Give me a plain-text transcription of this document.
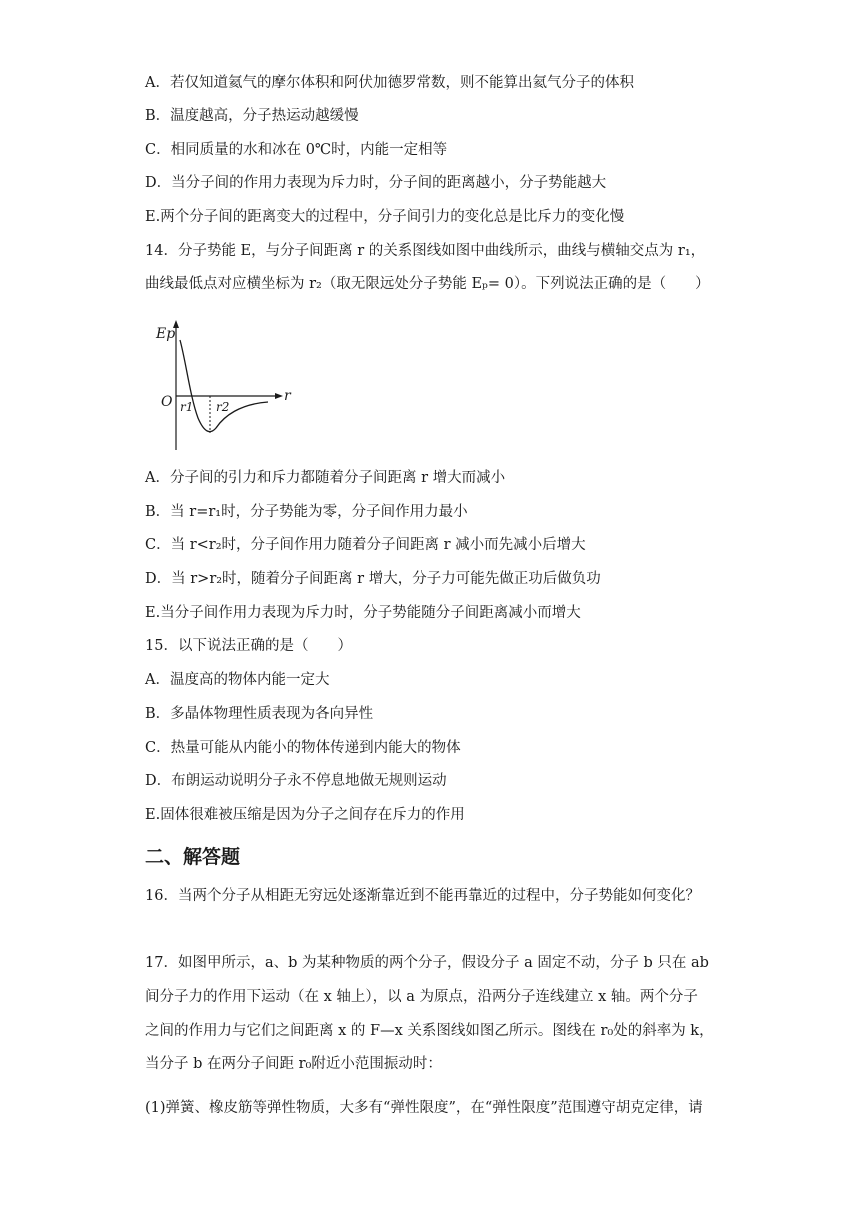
A．若仅知道氦气的摩尔体积和阿伏加德罗常数，则不能算出氦气分子的体积
B．温度越高，分子热运动越缓慢
C．相同质量的水和冰在 0℃时，内能一定相等
D．当分子间的作用力表现为斥力时，分子间的距离越小，分子势能越大
E.两个分子间的距离变大的过程中，分子间引力的变化总是比斥力的变化慢
14．分子势能 E，与分子间距离 r 的关系图线如图中曲线所示，曲线与横轴交点为 r₁，
曲线最低点对应横坐标为 r₂（取无限远处分子势能 Eₚ= 0）。下列说法正确的是（　　）
Ep
r
O r1 r2
A．分子间的引力和斥力都随着分子间距离 r 增大而减小
B．当 r=r₁时，分子势能为零，分子间作用力最小
C．当 r<r₂时，分子间作用力随着分子间距离 r 减小而先减小后增大
D．当 r>r₂时，随着分子间距离 r 增大，分子力可能先做正功后做负功
E.当分子间作用力表现为斥力时，分子势能随分子间距离减小而增大
15．以下说法正确的是（　　）
A．温度高的物体内能一定大
B．多晶体物理性质表现为各向异性
C．热量可能从内能小的物体传递到内能大的物体
D．布朗运动说明分子永不停息地做无规则运动
E.固体很难被压缩是因为分子之间存在斥力的作用
二、解答题
16．当两个分子从相距无穷远处逐渐靠近到不能再靠近的过程中，分子势能如何变化？
17．如图甲所示，a、b 为某种物质的两个分子，假设分子 a 固定不动，分子 b 只在 ab
间分子力的作用下运动（在 x 轴上），以 a 为原点，沿两分子连线建立 x 轴。两个分子
之间的作用力与它们之间距离 x 的 F—x 关系图线如图乙所示。图线在 r₀处的斜率为 k，
当分子 b 在两分子间距 r₀附近小范围振动时：
(1)弹簧、橡皮筋等弹性物质，大多有“弹性限度”，在“弹性限度”范围遵守胡克定律，请
